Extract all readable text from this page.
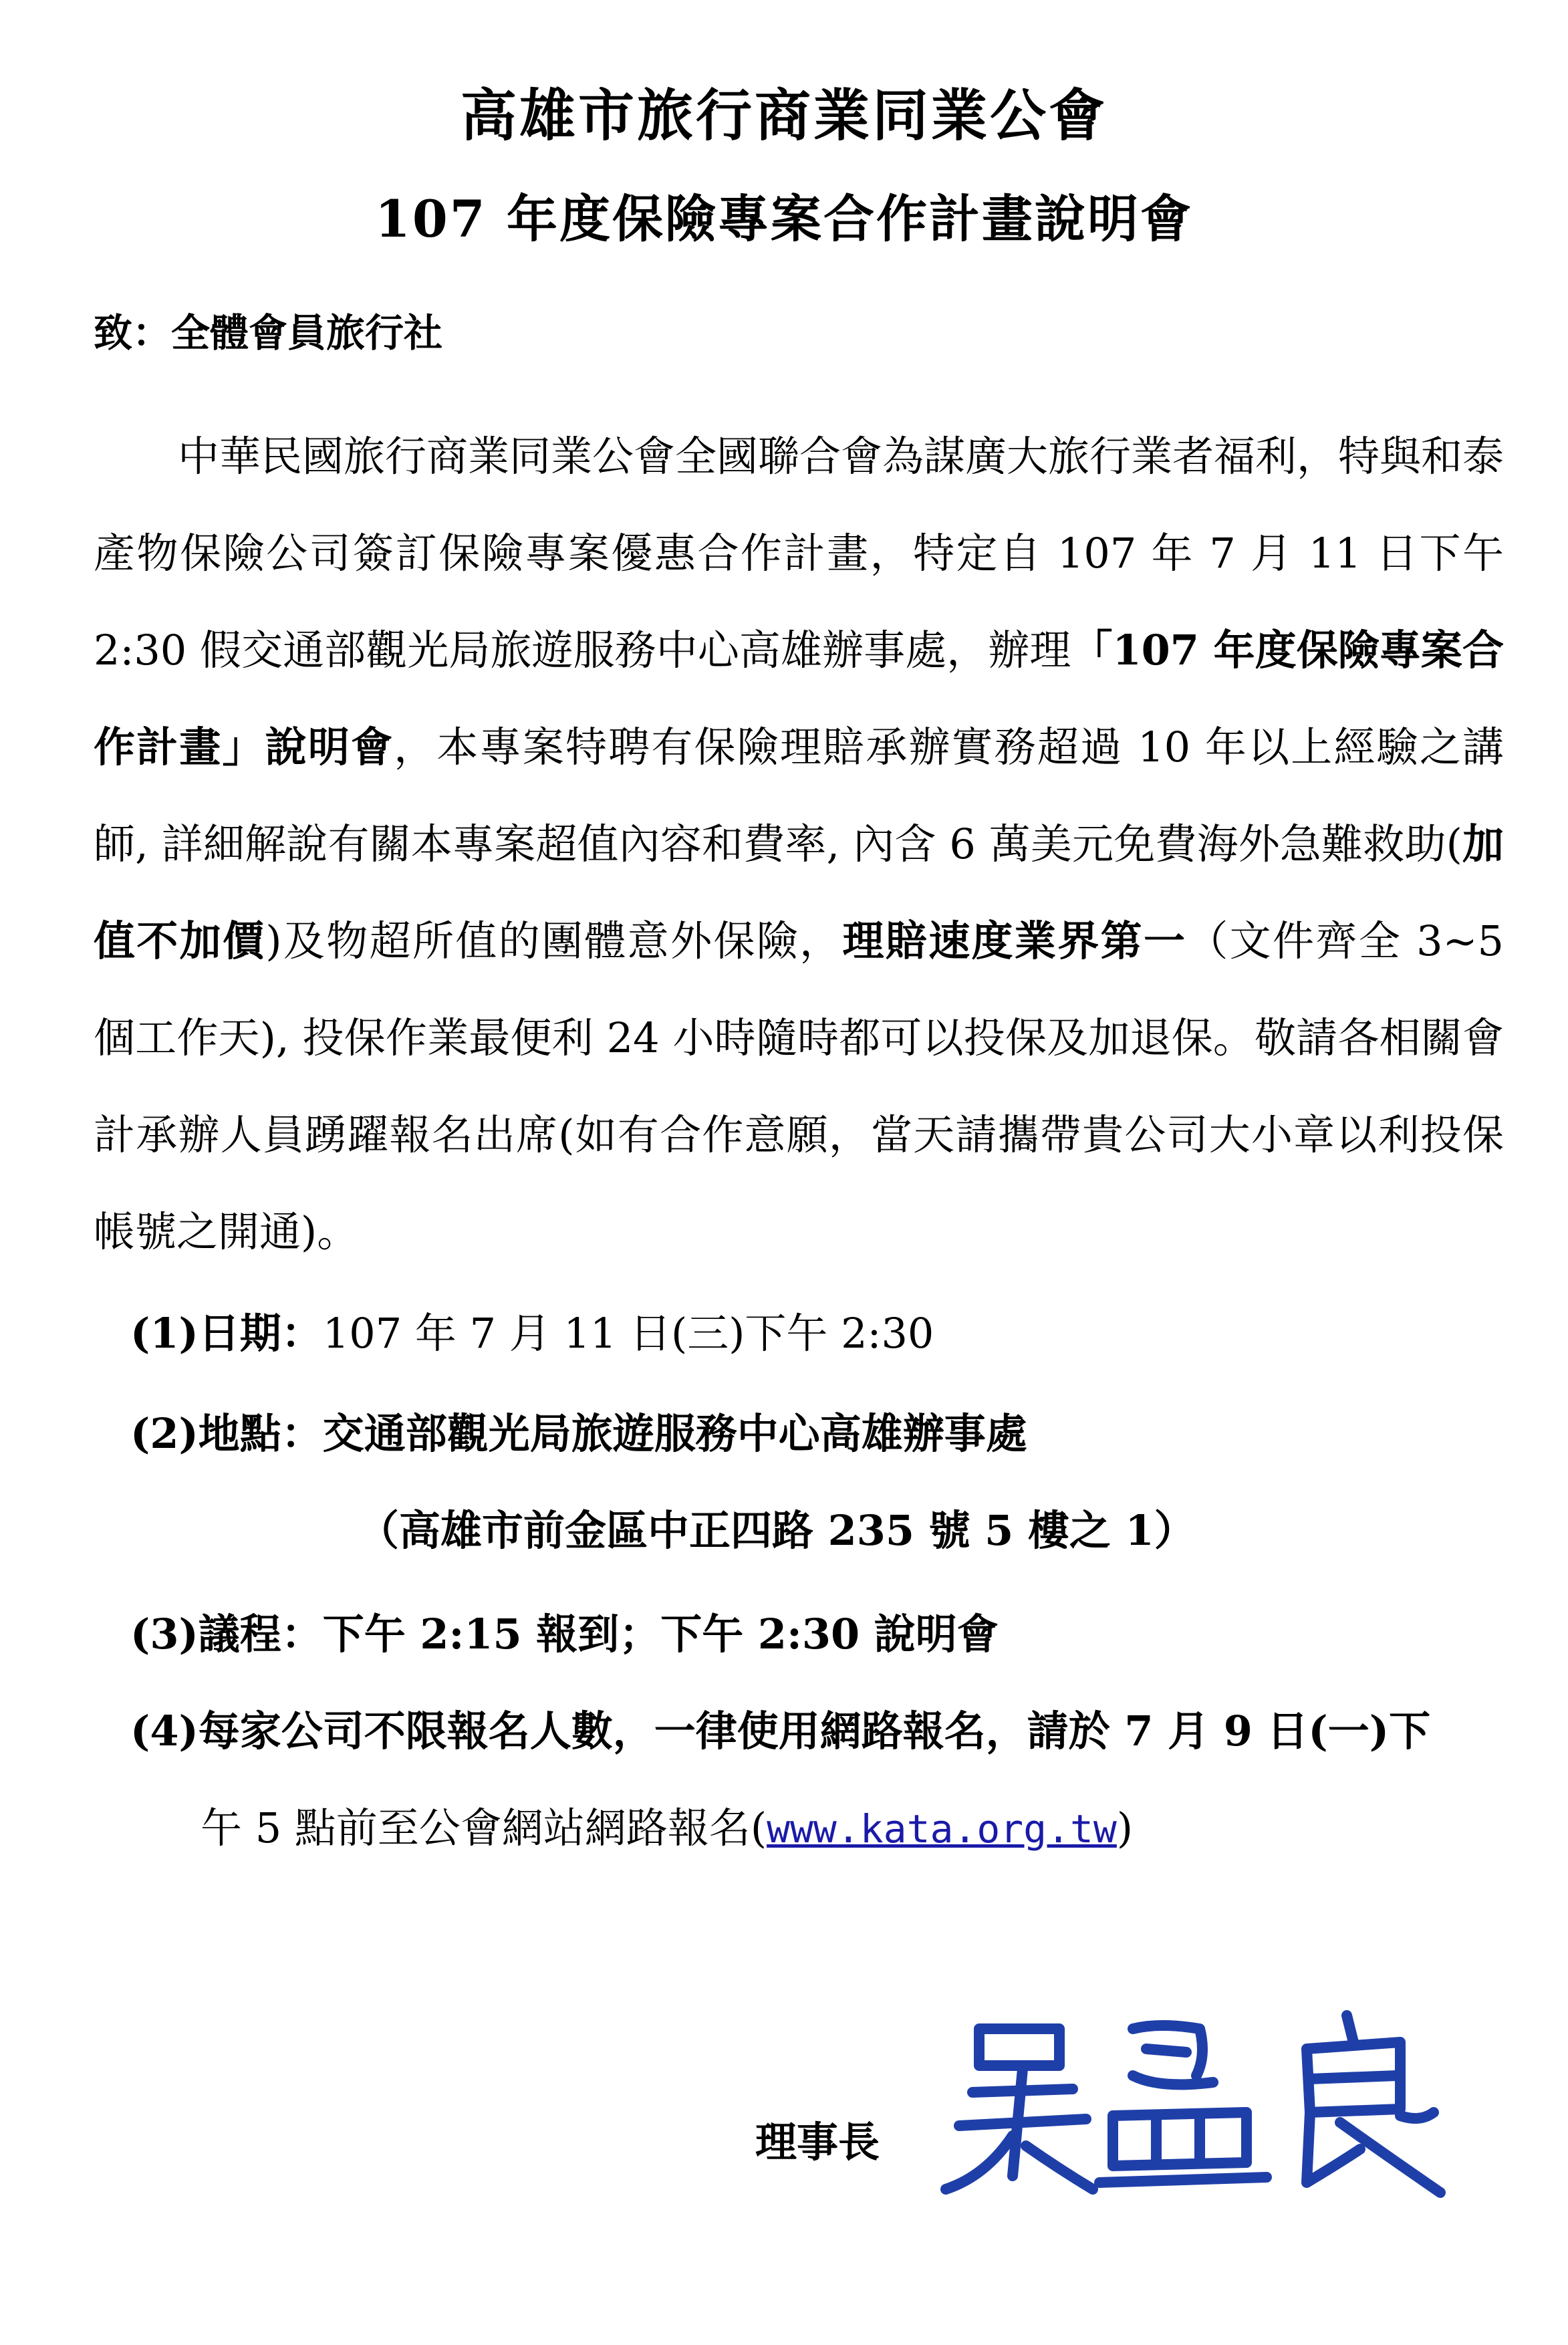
高雄市旅行商業同業公會
107 年度保險專案合作計畫說明會
致：全體會員旅行社
中華民國旅行商業同業公會全國聯合會為謀廣大旅行業者福利，特與和泰產物保險公司簽訂保險專案優惠合作計畫，特定自 107 年 7 月 11 日下午 2:30 假交通部觀光局旅遊服務中心高雄辦事處，辦理「107 年度保險專案合作計畫」說明會，本專案特聘有保險理賠承辦實務超過 10 年以上經驗之講師, 詳細解說有關本專案超值內容和費率, 內含 6 萬美元免費海外急難救助(加值不加價)及物超所值的團體意外保險，理賠速度業界第一（文件齊全 3~5 個工作天), 投保作業最便利 24 小時隨時都可以投保及加退保。敬請各相關會計承辦人員踴躍報名出席(如有合作意願，當天請攜帶貴公司大小章以利投保帳號之開通)。
(1)日期：107 年 7 月 11 日(三)下午 2:30
(2)地點：交通部觀光局旅遊服務中心高雄辦事處
（高雄市前金區中正四路 235 號 5 樓之 1）
(3)議程：下午 2:15 報到；下午 2:30 說明會
(4)每家公司不限報名人數，一律使用網路報名，請於 7 月 9 日(一)下
午 5 點前至公會網站網路報名(www.kata.org.tw)
理事長
